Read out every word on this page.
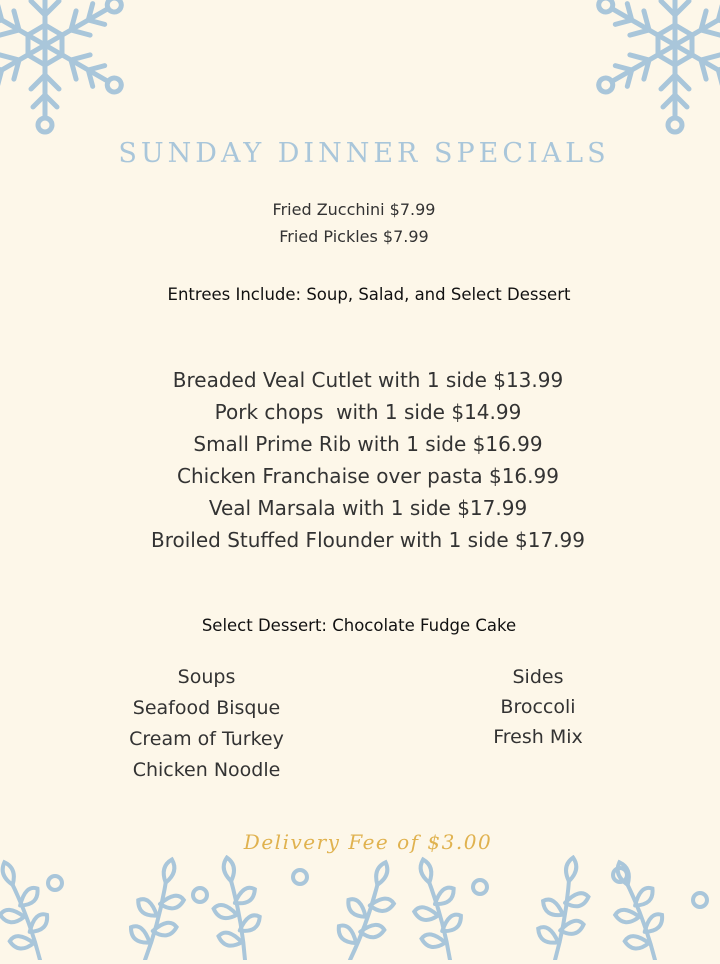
SUNDAY DINNER SPECIALS
Fried Zucchini $7.99
Fried Pickles $7.99
Entrees Include: Soup, Salad, and Select Dessert
Breaded Veal Cutlet with 1 side $13.99
Pork chops  with 1 side $14.99
Small Prime Rib with 1 side $16.99
Chicken Franchaise over pasta $16.99
Veal Marsala with 1 side $17.99
Broiled Stuffed Flounder with 1 side $17.99
Select Dessert: Chocolate Fudge Cake
Soups
Seafood Bisque
Cream of Turkey
Chicken Noodle
Sides
Broccoli
Fresh Mix
Delivery Fee of $3.00
